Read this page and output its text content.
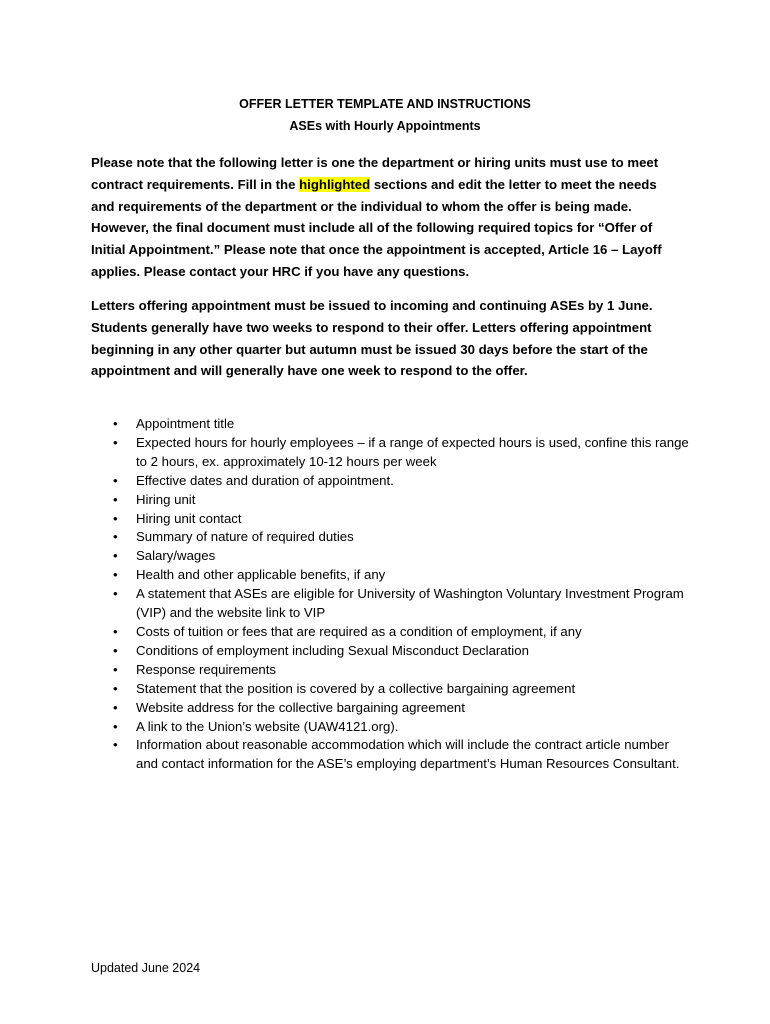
OFFER LETTER TEMPLATE AND INSTRUCTIONS
ASEs with Hourly Appointments
Please note that the following letter is one the department or hiring units must use to meet contract requirements. Fill in the highlighted sections and edit the letter to meet the needs and requirements of the department or the individual to whom the offer is being made. However, the final document must include all of the following required topics for “Offer of Initial Appointment.” Please note that once the appointment is accepted, Article 16 – Layoff applies. Please contact your HRC if you have any questions.
Letters offering appointment must be issued to incoming and continuing ASEs by 1 June. Students generally have two weeks to respond to their offer. Letters offering appointment beginning in any other quarter but autumn must be issued 30 days before the start of the appointment and will generally have one week to respond to the offer.
• Appointment title
• Expected hours for hourly employees – if a range of expected hours is used, confine this range to 2 hours, ex. approximately 10-12 hours per week
• Effective dates and duration of appointment.
• Hiring unit
• Hiring unit contact
• Summary of nature of required duties
• Salary/wages
• Health and other applicable benefits, if any
• A statement that ASEs are eligible for University of Washington Voluntary Investment Program (VIP) and the website link to VIP
• Costs of tuition or fees that are required as a condition of employment, if any
• Conditions of employment including Sexual Misconduct Declaration
• Response requirements
• Statement that the position is covered by a collective bargaining agreement
• Website address for the collective bargaining agreement
• A link to the Union’s website (UAW4121.org).
• Information about reasonable accommodation which will include the contract article number and contact information for the ASE’s employing department’s Human Resources Consultant.
Updated June 2024
